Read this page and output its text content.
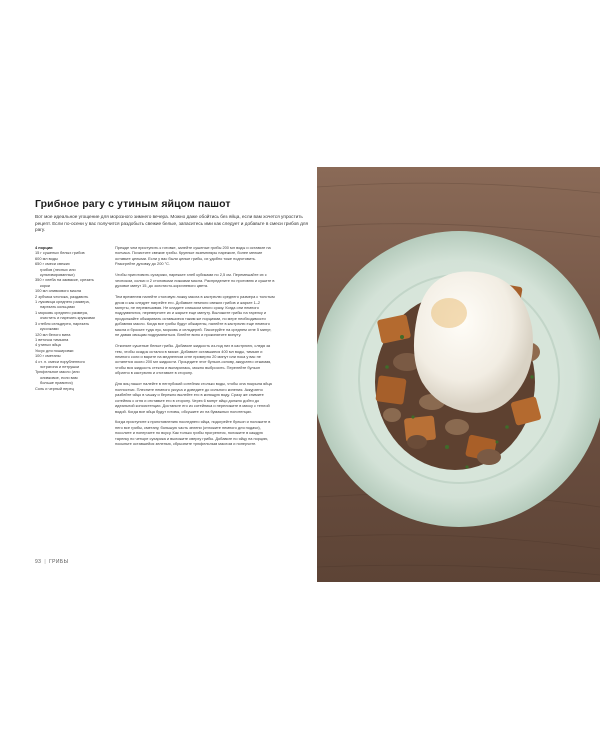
Грибное рагу с утиным яйцом пашот
Вот мое идеальное угощение для морозного зимнего вечера. Можно даже обойтись без яйца, если вам хочется упростить рецепт. Если по-осени у вас получится раздобыть свежие белые, запаситесь ими как следует и добавьте в смеси грибов для рагу.
4 порции
15 г сушеных белых грибов
600 мл воды
650 г смеси свежих
грибов (лесных или
культивированных)
350 г хлеба на закваске, срезать
корки
100 мл оливкового масла
2 зубчика чеснока, раздавить
1 луковица среднего размера,
нарезать кольцами
1 морковь среднего размера,
очистить и нарезать кружками
3 стебля сельдерея, нарезать
кусочками
120 мл белого вина
1 веточка тимьяна
4 утиных яйца
Уксус для пошировки
100 г сметаны
4 ст. л. смеси порубленного
эстрагона и петрушки
Трюфельное масло (или
оливковое, если вам
больше нравится)
Соль и черный перец

Прежде чем приступить к готовке, залейте сушеные грибы 200 мл воды и оставьте на полчаса. Почистите свежие грибы. Крупные экземпляры нарежьте, более мелкие оставьте целыми. Если у вас были целые грибы, их удобно тоже подготовить. Разогрейте духовку до 200 °С.

Чтобы приготовить сухарики, нарежьте хлеб кубиками по 2,5 см. Перемешайте их с чесноком, солью и 2 столовыми ложками масла. Распределите по противню и сушите в духовке минут 15, до золотисто-коричневого цвета.

Тем временем налейте столовую ложку масла в кастрюлю среднего размера с толстым дном и как следует нагрейте его. Добавьте немного свежих грибов и жарьте 1–2 минуты, не перемешивая. Не кладите слишком много сразу. Когда они немного подрумянятся, переверните их и жарьте еще минуту. Выложите грибы на тарелку и продолжайте обжаривать оставшиеся таким же порциями, по мере необходимости добавляя масло. Когда все грибы будут обжарены, налейте в кастрюлю еще немного масла и бросьте туда лук, морковь и сельдерей. Пассеруйте на среднем огне 5 минут, не давая овощам подрумяниться. Влейте вино и прокипятите минуту.

Откиньте сушеные белые грибы. Добавьте жидкость из-под них в кастрюлю, следя за тем, чтобы осадок остался в миске. Добавьте оставшиеся 400 мл воды, тимьян и немного соли и варите на медленном огне примерно 20 минут или пока у вас не останется около 200 мл жидкости. Процедите этот бульон-основу, аккуратно отжимая, чтобы вся жидкость стекла и выпарилась, можно выбросить. Перелейте бульон обратно в кастрюлю и отставьте в сторону.

Для яиц пашот налейте в неглубокий сотейник столько воды, чтобы она покрыла яйца полностью. Плесните немного уксуса и доведите до сильного кипения. Аккуратно разбейте яйцо в чашку и бережно вылейте его в кипящую воду. Сразу же снимите сотейник с огня и отставьте его в сторону. Через 6 минут яйцо должно дойти до идеальной консистенции. Достаньте его из сотейника и переложите в миску с теплой водой. Когда все яйца будут готовы, обсушите их на бумажных полотенцах.

Когда приступите к приготовлению последнего яйца, подогрейте бульон и положите в него все грибы, сметану, большую часть зелени (отложите немного для подачи), посолите и поперчите по вкусу. Как только грибы прогреются, положите в каждую тарелку по четыре сухарика и выложите сверху грибы. Добавьте по яйцу на порцию, посыпьте оставшейся зеленью, сбрызните трюфельным маслом и поперчите.

93 | ГРИБЫ
